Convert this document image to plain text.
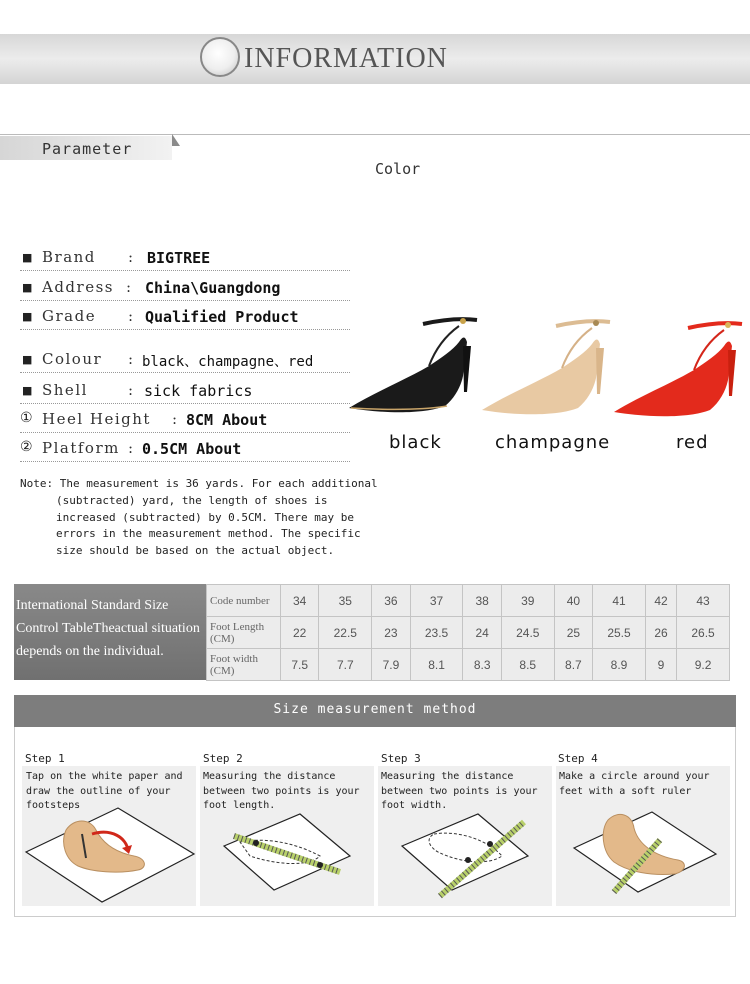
INFORMATION
Parameter
Color
■ Brand : BIGTREE
■ Address : China\Guangdong
■ Grade : Qualified Product
■ Colour : black、champagne、red
■ Shell	: sick fabrics
① Heel Height : 8CM About
② Platform : 0.5CM About	black	champagne	red
Note: The measurement is 36 yards. For each additional
(subtracted) yard, the length of shoes is increased (subtracted) by 0.5CM. There may be errors in the measurement method. The specific size should be based on the actual object.
International Standard Size Control TableTheactual situation depends on the individual.
Code number	34	35	36	37	38	39	40	41	42	43
Foot Length (CM)	22	22.5	23	23.5	24	24.5	25	25.5	26	26.5
Foot width (CM)	7.5	7.7	7.9	8.1	8.3	8.5	8.7	8.9	9	9.2
Size measurement method
Step 1	Step 2	Step 3	Step 4
Tap on the white paper and draw the outline of your footsteps
Measuring the distance between two points is your foot length.
Measuring the distance between two points is your foot width.
Make a circle around your feet with a soft ruler
